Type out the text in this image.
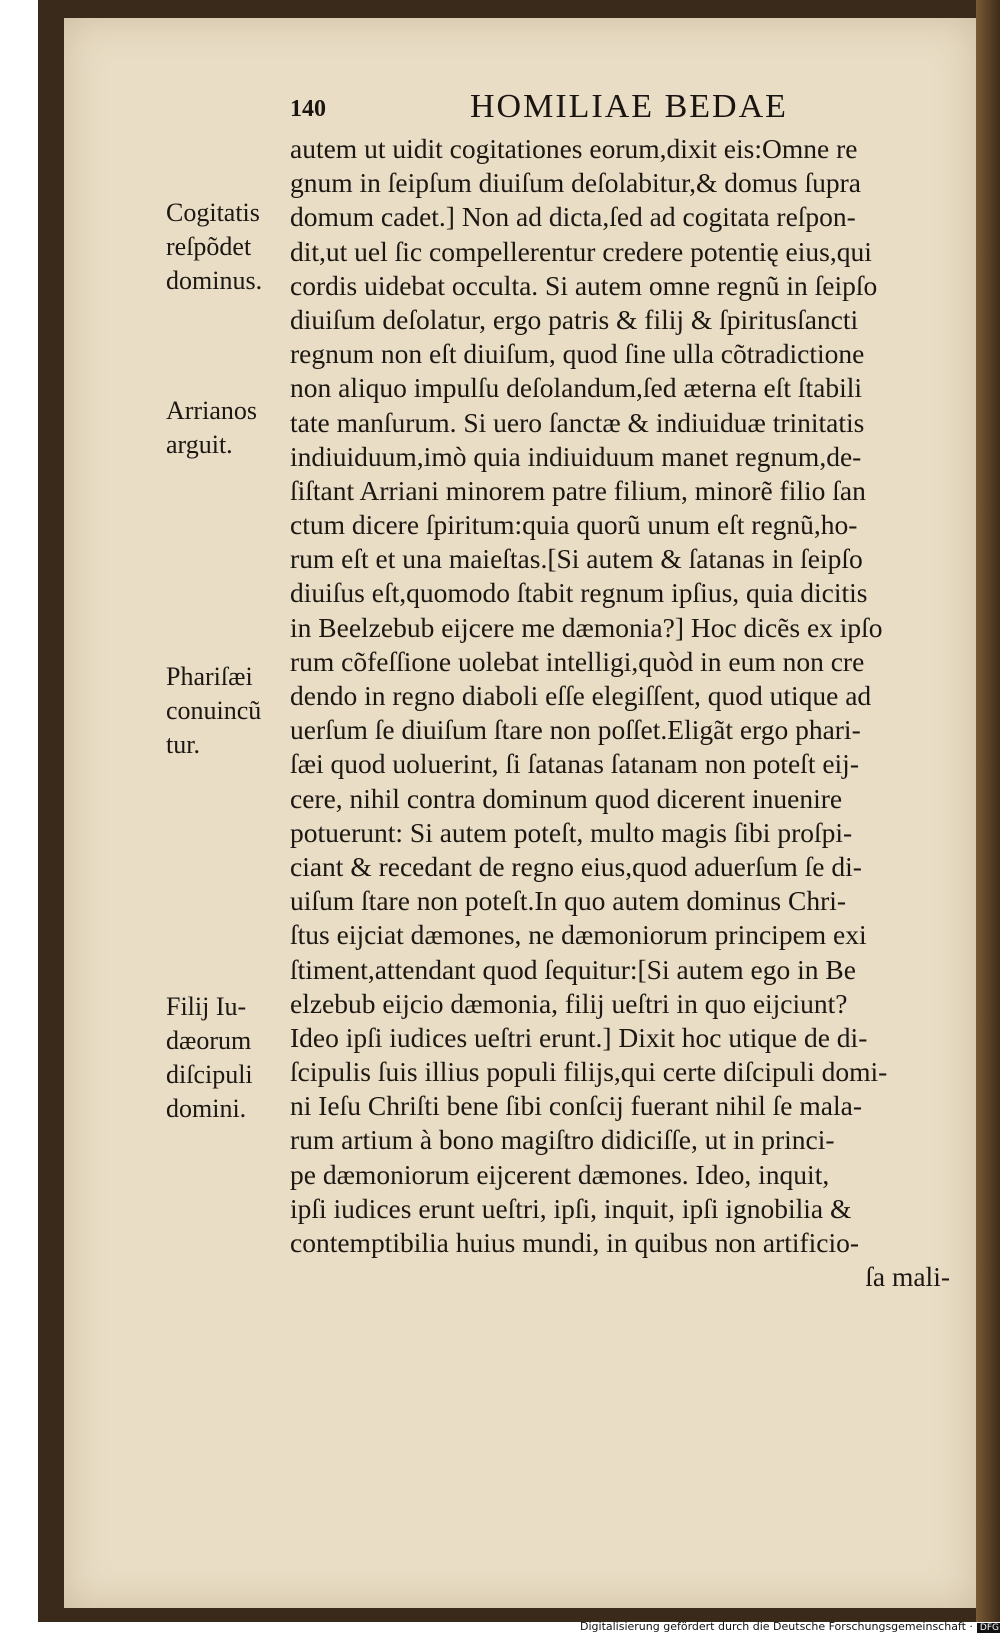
140	HOMILIAE BEDAE
autem ut uidit cogitationes eorum,dixit eis:Omne re
gnum in ſeipſum diuiſum deſolabitur,& domus ſupra
domum cadet.] Non ad dicta,ſed ad cogitata reſpon-
dit,ut uel ſic compellerentur credere potentię eius,qui
cordis uidebat occulta. Si autem omne regnũ in ſeipſo
diuiſum deſolatur, ergo patris & filij & ſpiritusſancti
regnum non eſt diuiſum, quod ſine ulla cõtradictione
non aliquo impulſu deſolandum,ſed æterna eſt ſtabili
tate manſurum. Si uero ſanctæ & indiuiduæ trinitatis
indiuiduum,imò quia indiuiduum manet regnum,de-
ſiſtant Arriani minorem patre filium, minorẽ filio ſan
ctum dicere ſpiritum:quia quorũ unum eſt regnũ,ho-
rum eſt et una maieſtas.[Si autem & ſatanas in ſeipſo
diuiſus eſt,quomodo ſtabit regnum ipſius, quia dicitis
in Beelzebub eijcere me dæmonia?] Hoc dicẽs ex ipſo
rum cõfeſſione uolebat intelligi,quòd in eum non cre
dendo in regno diaboli eſſe elegiſſent, quod utique ad
uerſum ſe diuiſum ſtare non poſſet.Eligãt ergo phari-
ſæi quod uoluerint, ſi ſatanas ſatanam non poteſt eij-
cere, nihil contra dominum quod dicerent inuenire
potuerunt: Si autem poteſt, multo magis ſibi proſpi-
ciant & recedant de regno eius,quod aduerſum ſe di-
uiſum ſtare non poteſt.In quo autem dominus Chri-
ſtus eijciat dæmones, ne dæmoniorum principem exi
ſtiment,attendant quod ſequitur:[Si autem ego in Be
elzebub eijcio dæmonia, filij ueſtri in quo eijciunt?
Ideo ipſi iudices ueſtri erunt.] Dixit hoc utique de di-
ſcipulis ſuis illius populi filijs,qui certe diſcipuli domi-
ni Ieſu Chriſti bene ſibi conſcij fuerant nihil ſe mala-
rum artium à bono magiſtro didiciſſe, ut in princi-
pe dæmoniorum eijcerent dæmones. Ideo, inquit,
ipſi iudices erunt ueſtri, ipſi, inquit, ipſi ignobilia &
contemptibilia huius mundi, in quibus non artificio-
ſa mali-
Cogitatis
reſpõdet
dominus.
Arrianos
arguit.
Phariſæi
conuincũ
tur.
Filij Iu-
dæorum
diſcipuli
domini.
Digitalisierung gefördert durch die Deutsche Forschungsgemeinschaft · DFG
